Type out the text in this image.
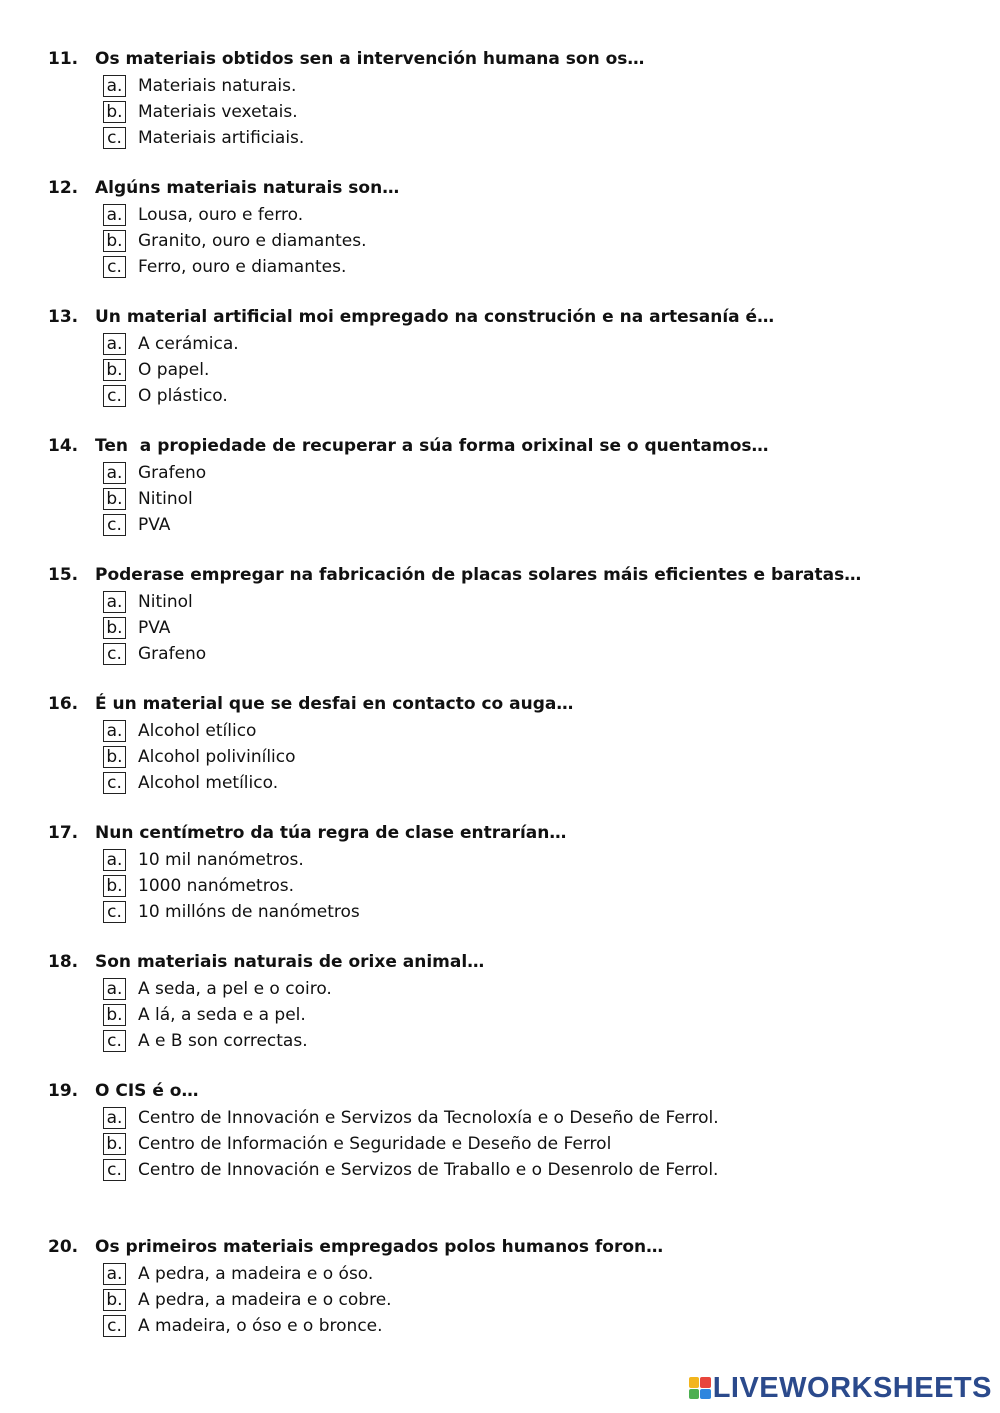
11. Os materiais obtidos sen a intervención humana son os…
a. Materiais naturais.
b. Materiais vexetais.
c. Materiais artificiais.
12. Algúns materiais naturais son…
a. Lousa, ouro e ferro.
b. Granito, ouro e diamantes.
c. Ferro, ouro e diamantes.
13. Un material artificial moi empregado na construción e na artesanía é…
a. A cerámica.
b. O papel.
c. O plástico.
14. Ten  a propiedade de recuperar a súa forma orixinal se o quentamos…
a. Grafeno
b. Nitinol
c. PVA
15. Poderase empregar na fabricación de placas solares máis eficientes e baratas…
a. Nitinol
b. PVA
c. Grafeno
16. É un material que se desfai en contacto co auga…
a. Alcohol etílico
b. Alcohol polivinílico
c. Alcohol metílico.
17. Nun centímetro da túa regra de clase entrarían…
a. 10 mil nanómetros.
b. 1000 nanómetros.
c. 10 millóns de nanómetros
18. Son materiais naturais de orixe animal…
a. A seda, a pel e o coiro.
b. A lá, a seda e a pel.
c. A e B son correctas.
19. O CIS é o…
a. Centro de Innovación e Servizos da Tecnoloxía e o Deseño de Ferrol.
b. Centro de Información e Seguridade e Deseño de Ferrol
c. Centro de Innovación e Servizos de Traballo e o Desenrolo de Ferrol.
20. Os primeiros materiais empregados polos humanos foron…
a. A pedra, a madeira e o óso.
b. A pedra, a madeira e o cobre.
c. A madeira, o óso e o bronce.
LIVEWORKSHEETS
